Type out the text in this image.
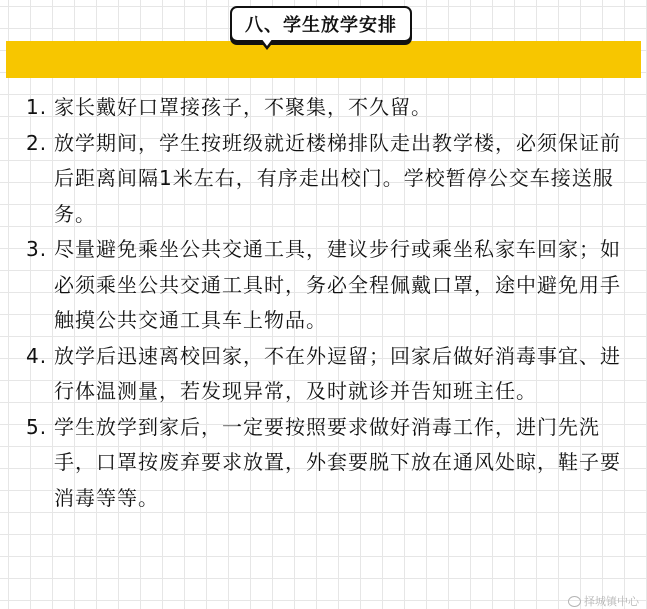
八、学生放学安排
1. 家长戴好口罩接孩子，不聚集，不久留。
2. 放学期间，学生按班级就近楼梯排队走出教学楼，必须保证前后距离间隔1米左右，有序走出校门。学校暂停公交车接送服务。
3. 尽量避免乘坐公共交通工具，建议步行或乘坐私家车回家；如必须乘坐公共交通工具时，务必全程佩戴口罩，途中避免用手触摸公共交通工具车上物品。
4. 放学后迅速离校回家，不在外逗留；回家后做好消毒事宜、进行体温测量，若发现异常，及时就诊并告知班主任。
5. 学生放学到家后，一定要按照要求做好消毒工作，进门先洗手，口罩按废弃要求放置，外套要脱下放在通风处晾，鞋子要消毒等等。
择城镇中心
